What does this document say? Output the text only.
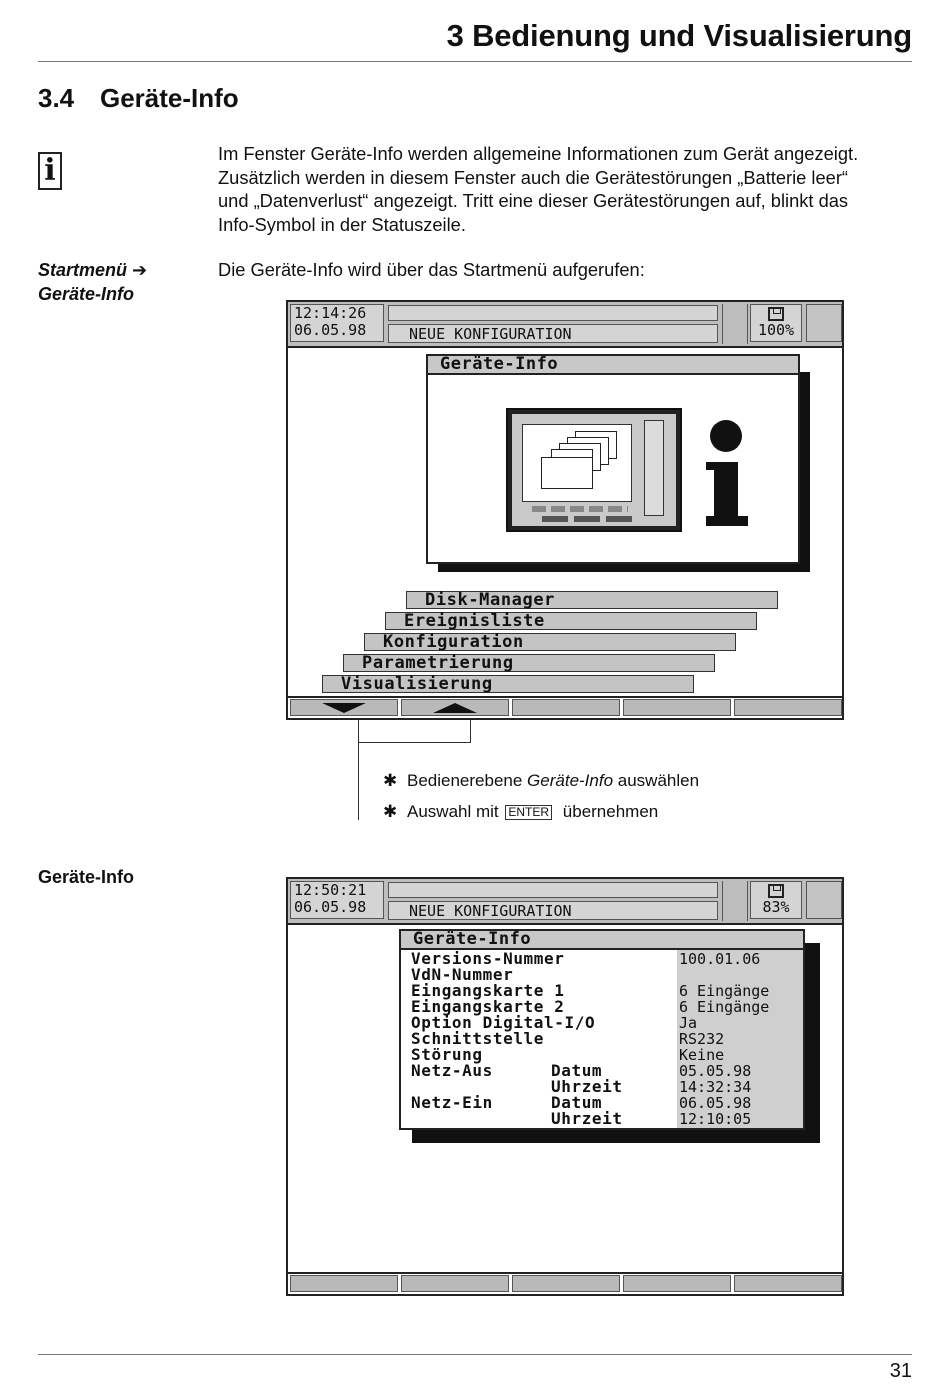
3 Bedienung und Visualisierung
3.4 Geräte-Info
i	Im Fenster Geräte-Info werden allgemeine Informationen zum Gerät angezeigt.
Zusätzlich werden in diesem Fenster auch die Gerätestörungen „Batterie leer“
und „Datenverlust“ angezeigt. Tritt eine dieser Gerätestörungen auf, blinkt das
Info-Symbol in der Statuszeile.
Startmenü ➔
Geräte-Info
Die Geräte-Info wird über das Startmenü aufgerufen:
12:14:26
06.05.98	NEUE KONFIGURATION	100%
Geräte-Info
Disk-Manager
Ereignisliste
Konfiguration
Parametrierung
Visualisierung
✱ Bedienerebene Geräte-Info auswählen
✱ Auswahl mit ENTER übernehmen
Geräte-Info
12:50:21
06.05.98	NEUE KONFIGURATION	83%
Geräte-Info
Versions-Nummer	100.01.06
VdN-Nummer
Eingangskarte 1	6 Eingänge
Eingangskarte 2	6 Eingänge
Option Digital-I/O	Ja
Schnittstelle	RS232
Störung	Keine
Netz-Aus	Datum	05.05.98
Uhrzeit	14:32:34
Netz-Ein	Datum	06.05.98
Uhrzeit	12:10:05
31
